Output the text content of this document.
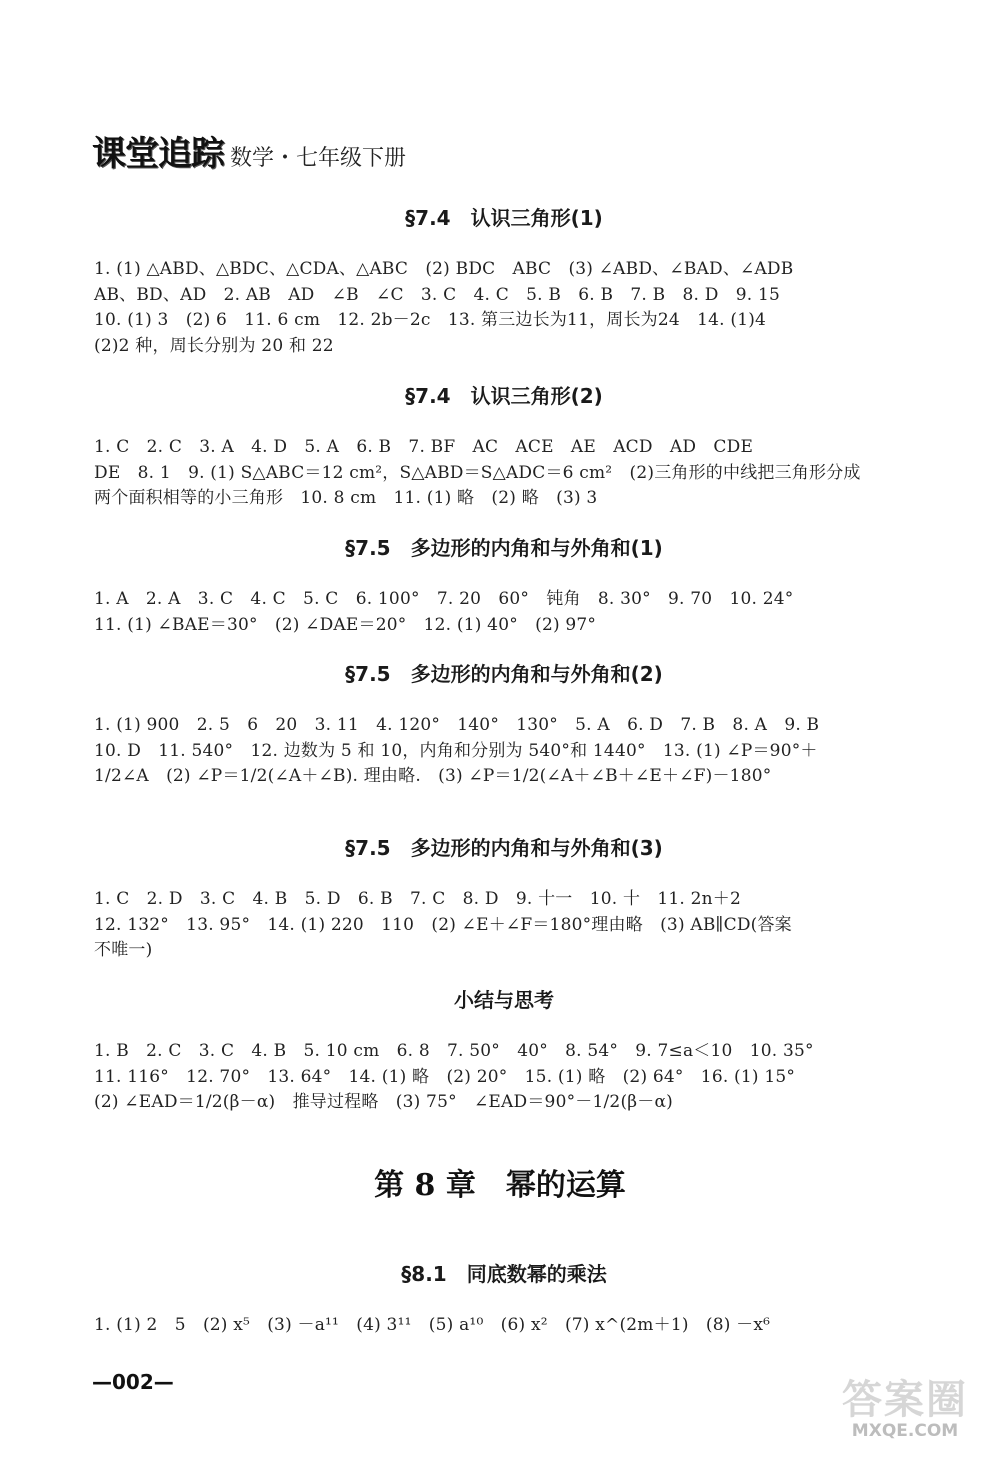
课堂追踪 数学・七年级下册
§7.4　认识三角形(1)
1. (1) △ABD、△BDC、△CDA、△ABC　(2) BDC　ABC　(3) ∠ABD、∠BAD、∠ADB
AB、BD、AD　2. AB　AD　∠B　∠C　3. C　4. C　5. B　6. B　7. B　8. D　9. 15
10. (1) 3　(2) 6　11. 6 cm　12. 2b－2c　13. 第三边长为11，周长为24　14. (1)4
(2)2 种，周长分别为 20 和 22
§7.4　认识三角形(2)
1. C　2. C　3. A　4. D　5. A　6. B　7. BF　AC　ACE　AE　ACD　AD　CDE
DE　8. 1　9. (1) S△ABC＝12 cm²，S△ABD＝S△ADC＝6 cm²　(2)三角形的中线把三角形分成
两个面积相等的小三角形　10. 8 cm　11. (1) 略　(2) 略　(3) 3
§7.5　多边形的内角和与外角和(1)
1. A　2. A　3. C　4. C　5. C　6. 100°　7. 20　60°　钝角　8. 30°　9. 70　10. 24°
11. (1) ∠BAE＝30°　(2) ∠DAE＝20°　12. (1) 40°　(2) 97°
§7.5　多边形的内角和与外角和(2)
1. (1) 900　2. 5　6　20　3. 11　4. 120°　140°　130°　5. A　6. D　7. B　8. A　9. B
10. D　11. 540°　12. 边数为 5 和 10，内角和分别为 540°和 1440°　13. (1) ∠P＝90°＋
1/2∠A　(2) ∠P＝1/2(∠A＋∠B). 理由略.　(3) ∠P＝1/2(∠A＋∠B＋∠E＋∠F)－180°
§7.5　多边形的内角和与外角和(3)
1. C　2. D　3. C　4. B　5. D　6. B　7. C　8. D　9. 十一　10. 十　11. 2n＋2
12. 132°　13. 95°　14. (1) 220　110　(2) ∠E＋∠F＝180°理由略　(3) AB∥CD(答案
不唯一)
小结与思考
1. B　2. C　3. C　4. B　5. 10 cm　6. 8　7. 50°　40°　8. 54°　9. 7≤a＜10　10. 35°
11. 116°　12. 70°　13. 64°　14. (1) 略　(2) 20°　15. (1) 略　(2) 64°　16. (1) 15°
(2) ∠EAD＝1/2(β－α)　推导过程略　(3) 75°　∠EAD＝90°－1/2(β－α)
第 8 章　幂的运算
§8.1　同底数幂的乘法
1. (1) 2　5　(2) x⁵　(3) －a¹¹　(4) 3¹¹　(5) a¹⁰　(6) x²　(7) x^(2m＋1)　(8) －x⁶
—002—	答案圈
MXQE.COM
